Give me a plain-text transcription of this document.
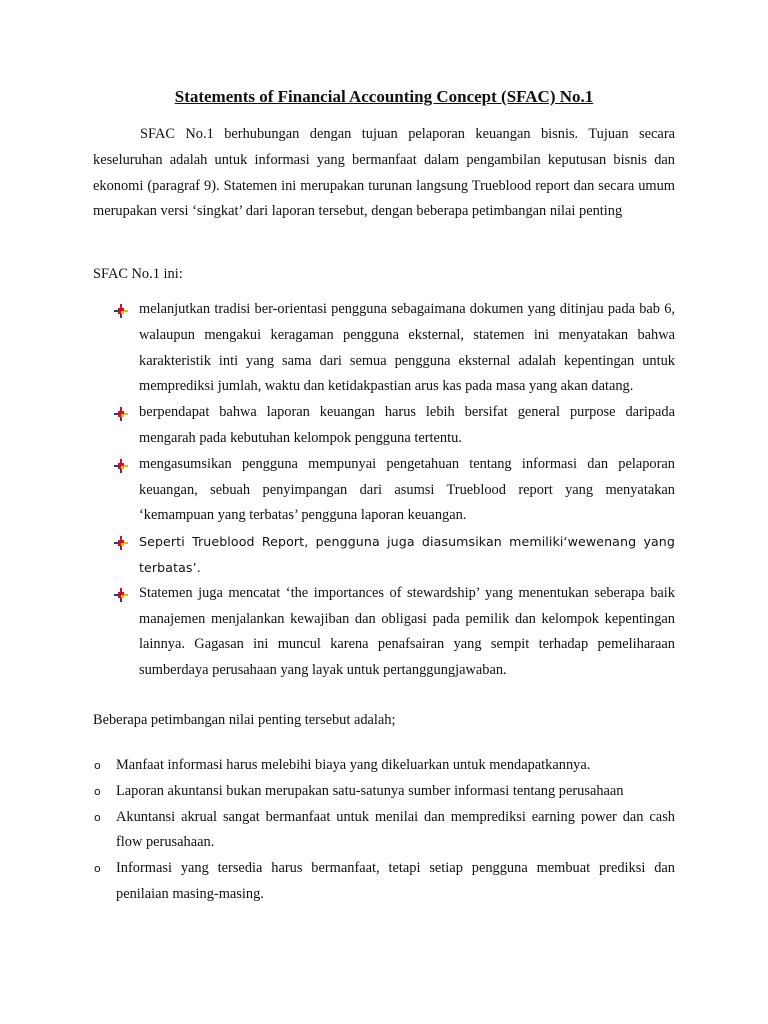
Statements of Financial Accounting Concept (SFAC) No.1

SFAC No.1 berhubungan dengan tujuan pelaporan keuangan bisnis. Tujuan secara keseluruhan adalah untuk informasi yang bermanfaat dalam pengambilan keputusan bisnis dan ekonomi (paragraf 9). Statemen ini merupakan turunan langsung Trueblood report dan secara umum merupakan versi ‘singkat’ dari laporan tersebut, dengan beberapa petimbangan nilai penting

SFAC No.1 ini:

melanjutkan tradisi ber-orientasi pengguna sebagaimana dokumen yang ditinjau pada bab 6, walaupun mengakui keragaman pengguna eksternal, statemen ini menyatakan bahwa karakteristik inti yang sama dari semua pengguna eksternal adalah kepentingan untuk memprediksi jumlah, waktu dan ketidakpastian arus kas pada masa yang akan datang.
berpendapat bahwa laporan keuangan harus lebih bersifat general purpose daripada mengarah pada kebutuhan kelompok pengguna tertentu.
mengasumsikan pengguna mempunyai pengetahuan tentang informasi dan pelaporan keuangan, sebuah penyimpangan dari asumsi Trueblood report yang menyatakan ‘kemampuan yang terbatas’ pengguna laporan keuangan.
Seperti Trueblood Report, pengguna juga diasumsikan memiliki‘wewenang yang terbatas’.
Statemen juga mencatat ‘the importances of stewardship’ yang menentukan seberapa baik manajemen menjalankan kewajiban dan obligasi pada pemilik dan kelompok kepentingan lainnya. Gagasan ini muncul karena penafsairan yang sempit terhadap pemeliharaan sumberdaya perusahaan yang layak untuk pertanggungjawaban.

Beberapa petimbangan nilai penting tersebut adalah;

o Manfaat informasi harus melebihi biaya yang dikeluarkan untuk mendapatkannya.
o Laporan akuntansi bukan merupakan satu-satunya sumber informasi tentang perusahaan
o Akuntansi akrual sangat bermanfaat untuk menilai dan memprediksi earning power dan cash flow perusahaan.
o Informasi yang tersedia harus bermanfaat, tetapi setiap pengguna membuat prediksi dan penilaian masing-masing.
